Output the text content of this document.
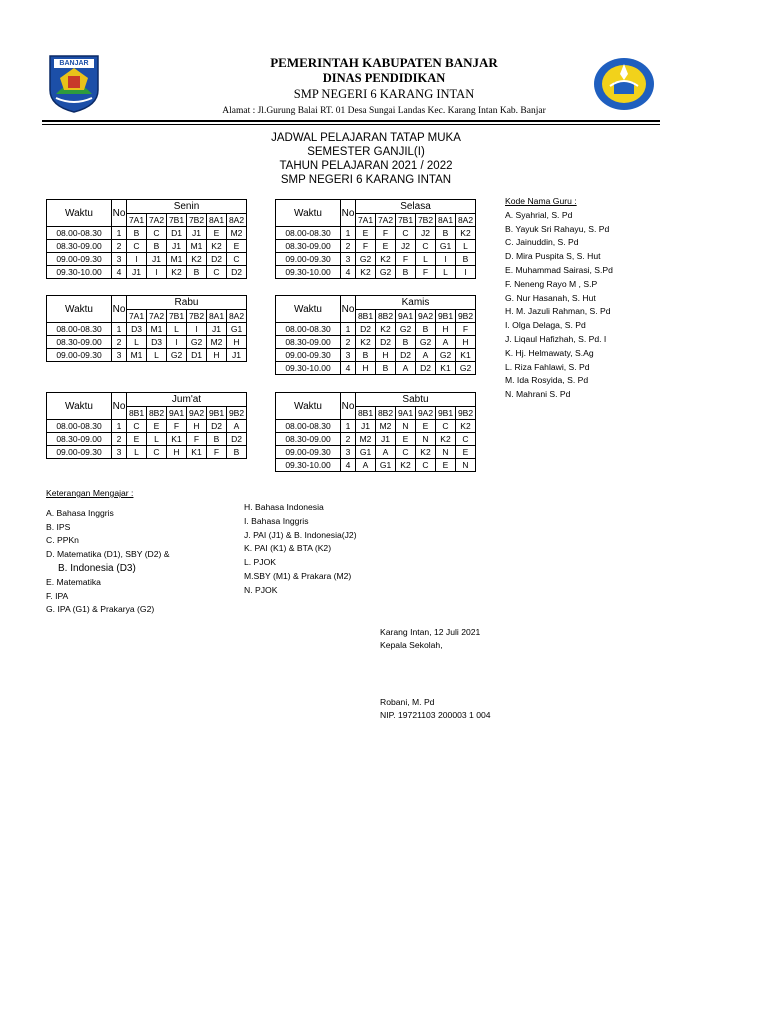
BANJAR	PEMERINTAH KABUPATEN BANJAR
DINAS PENDIDIKAN
SMP NEGERI 6 KARANG INTAN
Alamat : Jl.Gurung Balai RT. 01 Desa Sungai Landas Kec. Karang Intan Kab. Banjar
JADWAL PELAJARAN TATAP MUKA
SEMESTER GANJIL(I)
TAHUN PELAJARAN 2021 / 2022
SMP NEGERI 6 KARANG INTAN
Waktu	No	Senin					
		7A1	7A2	7B1	7B2	8A1	8A2
08.00-08.30	1	B	C	D1	J1	E	M2
08.30-09.00	2	C	B	J1	M1	K2	E
09.00-09.30	3	I	J1	M1	K2	D2	C
09.30-10.00	4	J1	I	K2	B	C	D2
Waktu	No	Selasa					
		7A1	7A2	7B1	7B2	8A1	8A2
08.00-08.30	1	E	F	C	J2	B	K2
08.30-09.00	2	F	E	J2	C	G1	L
09.00-09.30	3	G2	K2	F	L	I	B
09.30-10.00	4	K2	G2	B	F	L	I
Waktu	No	Rabu					
		7A1	7A2	7B1	7B2	8A1	8A2
08.00-08.30	1	D3	M1	L	I	J1	G1
08.30-09.00	2	L	D3	I	G2	M2	H
09.00-09.30	3	M1	L	G2	D1	H	J1
Waktu	No	Kamis					
		8B1	8B2	9A1	9A2	9B1	9B2
08.00-08.30	1	D2	K2	G2	B	H	F
08.30-09.00	2	K2	D2	B	G2	A	H
09.00-09.30	3	B	H	D2	A	G2	K1
09.30-10.00	4	H	B	A	D2	K1	G2
Waktu	No	Jum'at					
		8B1	8B2	9A1	9A2	9B1	9B2
08.00-08.30	1	C	E	F	H	D2	A
08.30-09.00	2	E	L	K1	F	B	D2
09.00-09.30	3	L	C	H	K1	F	B
Waktu	No	Sabtu					
		8B1	8B2	9A1	9A2	9B1	9B2
08.00-08.30	1	J1	M2	N	E	C	K2
08.30-09.00	2	M2	J1	E	N	K2	C
09.00-09.30	3	G1	A	C	K2	N	E
09.30-10.00	4	A	G1	K2	C	E	N
Kode Nama Guru :
A. Syahrial, S. Pd
B. Yayuk Sri Rahayu, S. Pd
C. Jainuddin, S. Pd
D. Mira Puspita S, S. Hut
E. Muhammad Sairasi, S.Pd
F. Neneng Rayo M , S.P
G. Nur Hasanah, S. Hut
H. M. Jazuli Rahman, S. Pd
I. Olga Delaga, S. Pd
J. Liqaul Hafizhah, S. Pd. I
K. Hj. Helmawaty, S.Ag
L. Riza Fahlawi, S. Pd
M. Ida Rosyida, S. Pd
N. Mahrani S. Pd
Keterangan Mengajar :
A. Bahasa Inggris
B. IPS
C. PPKn
D. Matematika (D1), SBY (D2) &
B. Indonesia (D3)
E. Matematika
F. IPA
G. IPA (G1) & Prakarya (G2)
H. Bahasa Indonesia
I. Bahasa Inggris
J. PAI (J1) & B. Indonesia(J2)
K. PAI (K1) & BTA (K2)
L. PJOK
M.SBY (M1) & Prakara (M2)
N. PJOK
Karang Intan, 12 Juli 2021
Kepala Sekolah,
Robani, M. Pd
NIP. 19721103 200003 1 004
